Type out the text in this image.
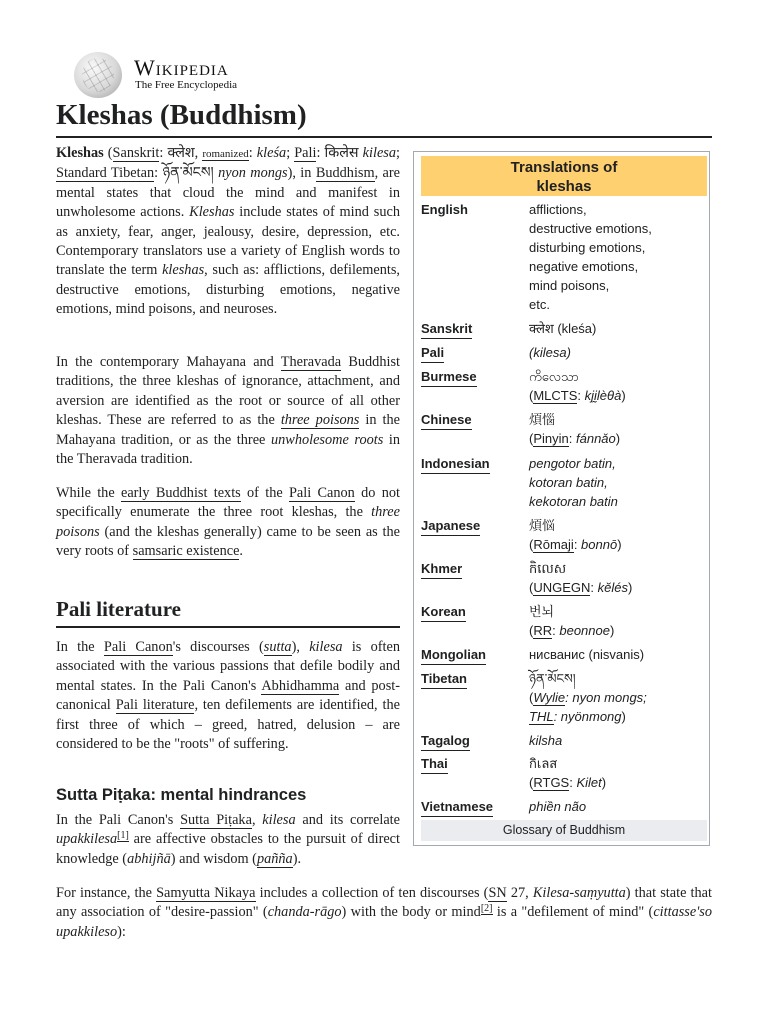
Wikipedia
The Free Encyclopedia
Kleshas (Buddhism)

Kleshas (Sanskrit: क्लेश, romanized: kleśa; Pali: किलेस kilesa; Standard Tibetan: ཉོན་མོངས། nyon mongs), in Buddhism, are mental states that cloud the mind and manifest in unwholesome actions. Kleshas include states of mind such as anxiety, fear, anger, jealousy, desire, depression, etc. Contemporary translators use a variety of English words to translate the term kleshas, such as: afflictions, defilements, destructive emotions, disturbing emotions, negative emotions, mind poisons, and neuroses.

In the contemporary Mahayana and Theravada Buddhist traditions, the three kleshas of ignorance, attachment, and aversion are identified as the root or source of all other kleshas. These are referred to as the three poisons in the Mahayana tradition, or as the three unwholesome roots in the Theravada tradition.

While the early Buddhist texts of the Pali Canon do not specifically enumerate the three root kleshas, the three poisons (and the kleshas generally) came to be seen as the very roots of samsaric existence.

Pali literature

In the Pali Canon's discourses (sutta), kilesa is often associated with the various passions that defile bodily and mental states. In the Pali Canon's Abhidhamma and post-canonical Pali literature, ten defilements are identified, the first three of which – greed, hatred, delusion – are considered to be the "roots" of suffering.

Sutta Piṭaka: mental hindrances

In the Pali Canon's Sutta Piṭaka, kilesa and its correlate upakkilesa[1] are affective obstacles to the pursuit of direct knowledge (abhijñā) and wisdom (pañña).

For instance, the Samyutta Nikaya includes a collection of ten discourses (SN 27, Kilesa-saṃyutta) that state that any association of "desire-passion" (chanda-rāgo) with the body or mind[2] is a "defilement of mind" (cittasse'so upakkileso):

Translations of
kleshas
English	afflictions,
destructive emotions,
disturbing emotions,
negative emotions,
mind poisons,
etc.
Sanskrit	क्लेश (kleśa)
Pali	(kilesa)
Burmese	ကိလေသာ
(MLCTS: kjḭlèθà)
Chinese	煩惱
(Pinyin: fánnǎo)
Indonesian	pengotor batin,
kotoran batin,
kekotoran batin
Japanese	煩悩
(Rōmaji: bonnō)
Khmer	កិលេស
(UNGEGN: kĕlés)
Korean	번뇌
(RR: beonnoe)
Mongolian	нисванис (nisvanis)
Tibetan	ཉོན་མོངས།
(Wylie: nyon mongs;
THL: nyönmong)
Tagalog	kilsha
Thai	กิเลส
(RTGS: Kilet)
Vietnamese	phiền não
Glossary of Buddhism
